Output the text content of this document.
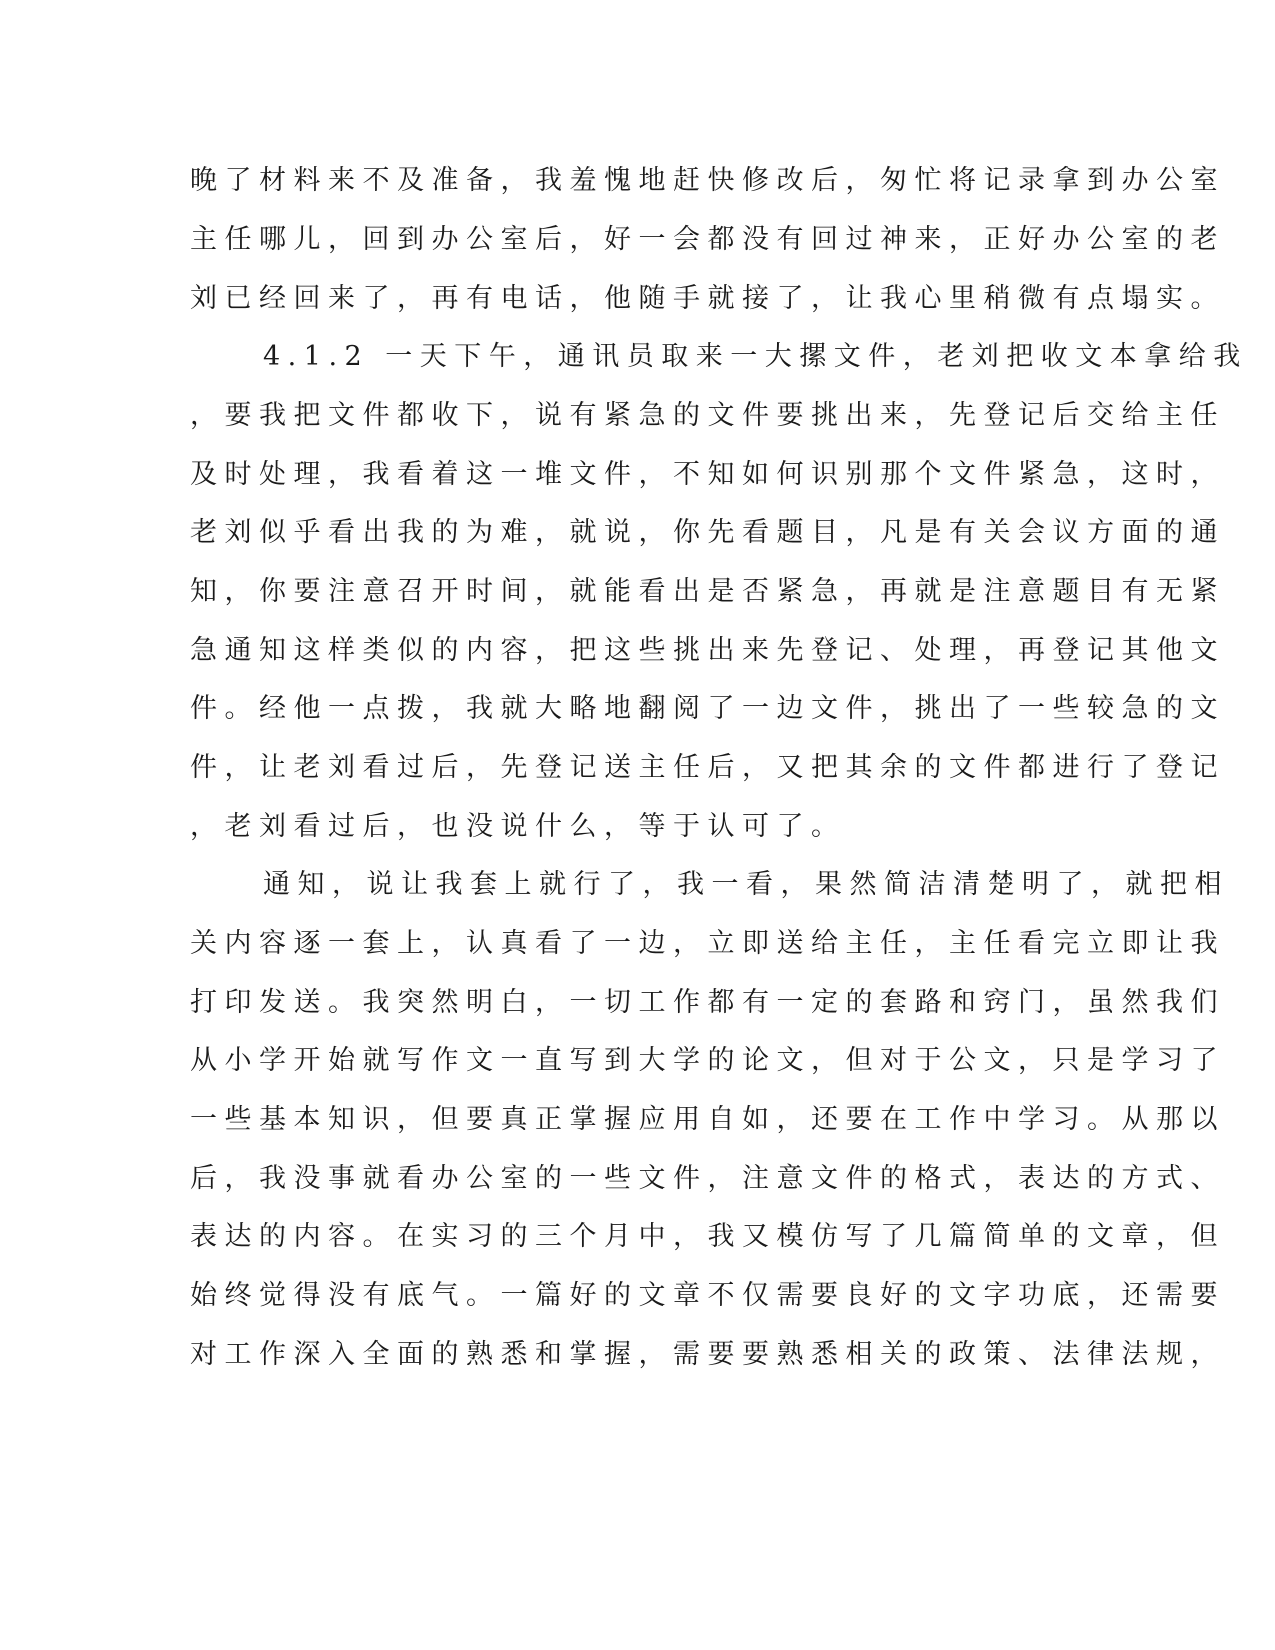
晚了材料来不及准备，我羞愧地赶快修改后，匆忙将记录拿到办公室

主任哪儿，回到办公室后，好一会都没有回过神来，正好办公室的老

刘已经回来了，再有电话，他随手就接了，让我心里稍微有点塌实。

4.1.2 一天下午，通讯员取来一大摞文件，老刘把收文本拿给我

，要我把文件都收下，说有紧急的文件要挑出来，先登记后交给主任

及时处理，我看着这一堆文件，不知如何识别那个文件紧急，这时，

老刘似乎看出我的为难，就说，你先看题目，凡是有关会议方面的通

知，你要注意召开时间，就能看出是否紧急，再就是注意题目有无紧

急通知这样类似的内容，把这些挑出来先登记、处理，再登记其他文

件。经他一点拨，我就大略地翻阅了一边文件，挑出了一些较急的文

件，让老刘看过后，先登记送主任后，又把其余的文件都进行了登记

，老刘看过后，也没说什么，等于认可了。

通知，说让我套上就行了，我一看，果然简洁清楚明了，就把相

关内容逐一套上，认真看了一边，立即送给主任，主任看完立即让我

打印发送。我突然明白，一切工作都有一定的套路和窍门，虽然我们

从小学开始就写作文一直写到大学的论文，但对于公文，只是学习了

一些基本知识，但要真正掌握应用自如，还要在工作中学习。从那以

后，我没事就看办公室的一些文件，注意文件的格式，表达的方式、

表达的内容。在实习的三个月中，我又模仿写了几篇简单的文章，但

始终觉得没有底气。一篇好的文章不仅需要良好的文字功底，还需要

对工作深入全面的熟悉和掌握，需要要熟悉相关的政策、法律法规，
